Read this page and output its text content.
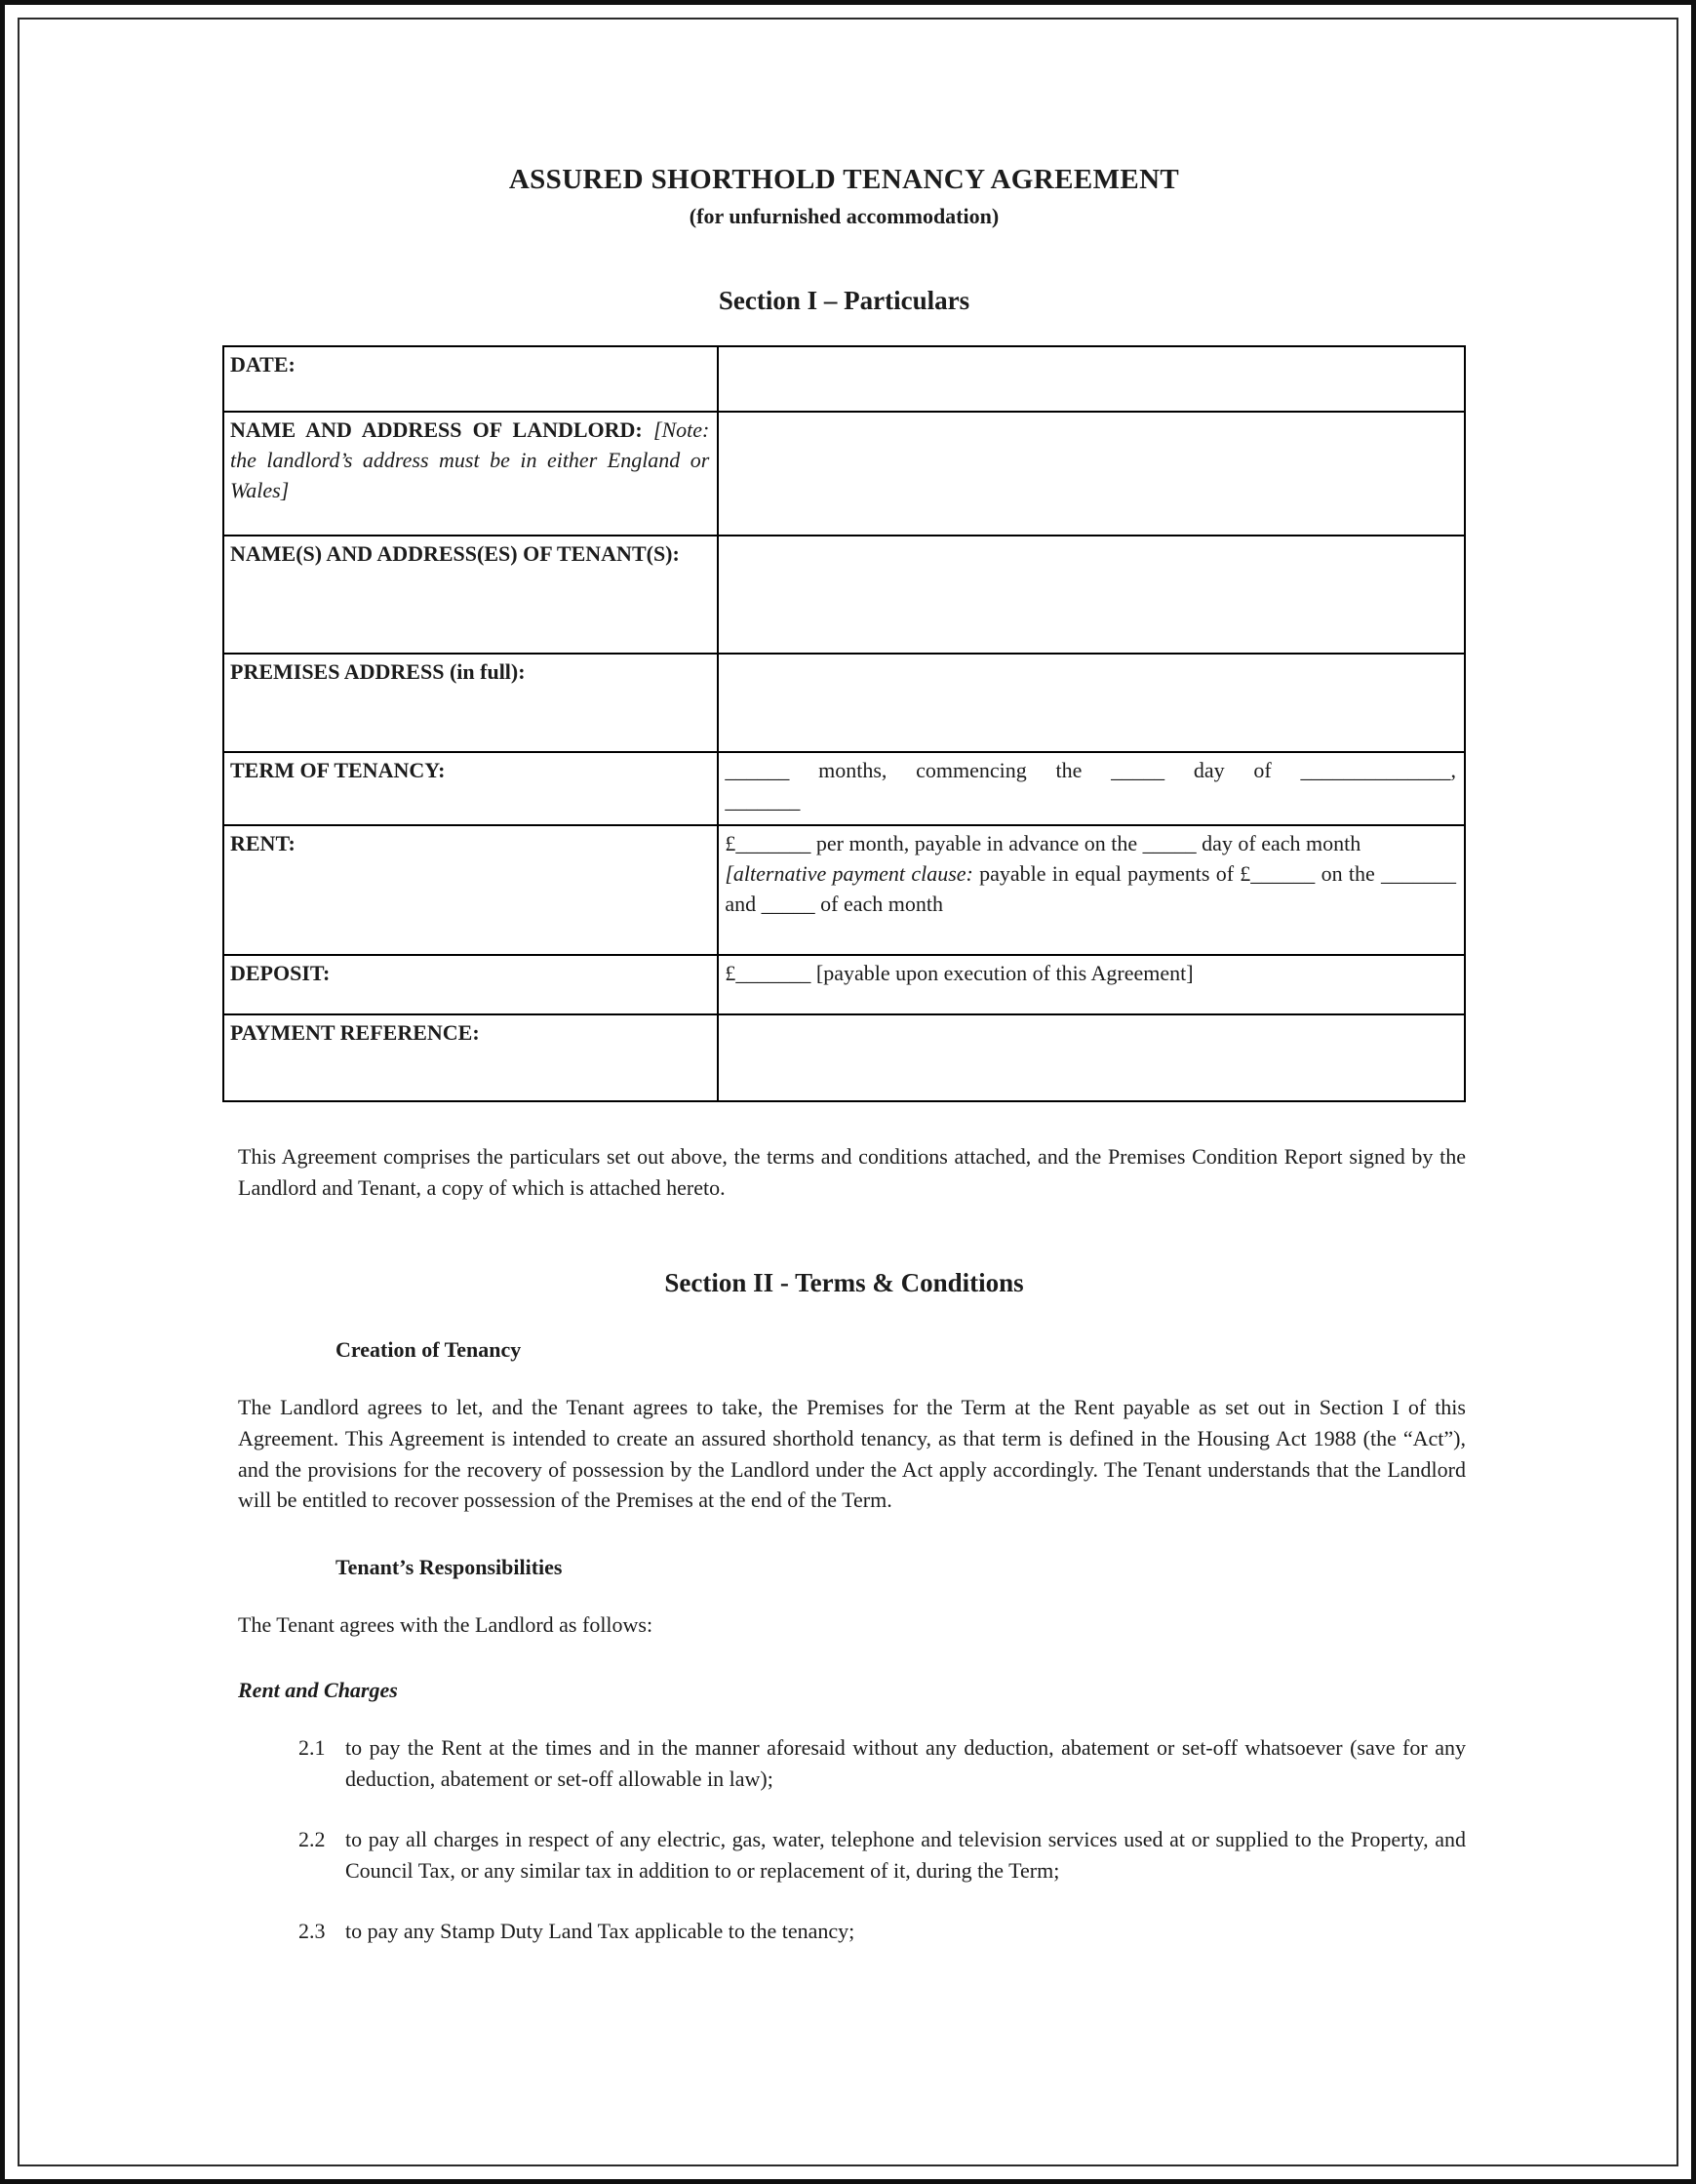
ASSURED SHORTHOLD TENANCY AGREEMENT
(for unfurnished accommodation)
Section I – Particulars
DATE:	
NAME AND ADDRESS OF LANDLORD: [Note: the landlord’s address must be in either England or Wales]	
NAME(S) AND ADDRESS(ES) OF TENANT(S):	
PREMISES ADDRESS (in full):	
TERM OF TENANCY:	______ months, commencing the _____ day of ______________,
_______

RENT:	£_______ per month, payable in advance on the _____ day of each month
[alternative payment clause: payable in equal payments of £______ on the _______ and _____ of each month

DEPOSIT:	£_______ [payable upon execution of this Agreement]
PAYMENT REFERENCE:	

This Agreement comprises the particulars set out above, the terms and conditions attached, and the Premises Condition Report signed by the Landlord and Tenant, a copy of which is attached hereto.

Section II - Terms & Conditions
Creation of Tenancy

The Landlord agrees to let, and the Tenant agrees to take, the Premises for the Term at the Rent payable as set out in Section I of this Agreement. This Agreement is intended to create an assured shorthold tenancy, as that term is defined in the Housing Act 1988 (the “Act”), and the provisions for the recovery of possession by the Landlord under the Act apply accordingly. The Tenant understands that the Landlord will be entitled to recover possession of the Premises at the end of the Term.

Tenant’s Responsibilities

The Tenant agrees with the Landlord as follows:

Rent and Charges
2.1 to pay the Rent at the times and in the manner aforesaid without any deduction, abatement or set-off whatsoever (save for any deduction, abatement or set-off allowable in law);
2.2 to pay all charges in respect of any electric, gas, water, telephone and television services used at or supplied to the Property, and Council Tax, or any similar tax in addition to or replacement of it, during the Term;
2.3 to pay any Stamp Duty Land Tax applicable to the tenancy;
